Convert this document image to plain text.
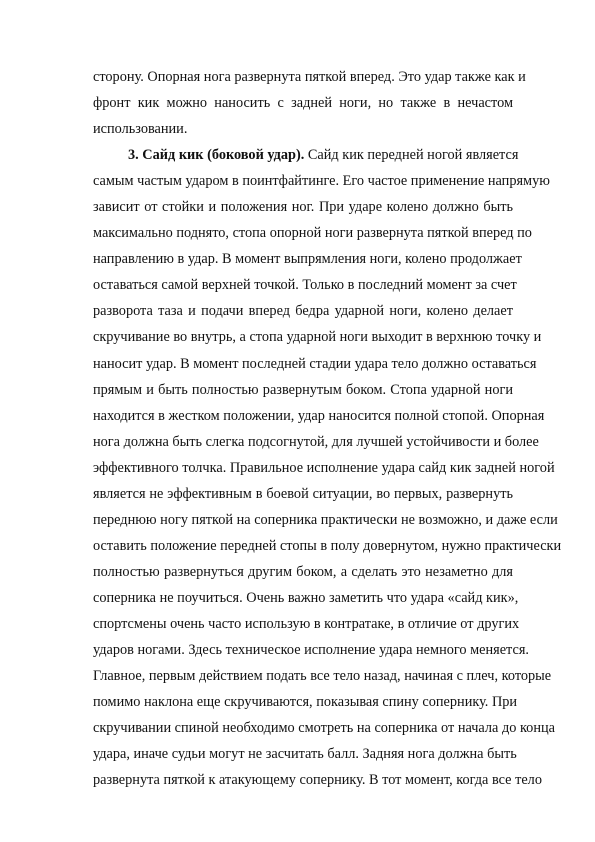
сторону. Опорная нога развернута пяткой вперед. Это удар также как и
фронт кик можно наносить с задней ноги, но также в нечастом
использовании.
3. Сайд кик (боковой удар). Сайд кик передней ногой является
самым частым ударом в поинтфайтинге. Его частое применение напрямую
зависит от стойки и положения ног. При ударе колено должно быть
максимально поднято, стопа опорной ноги развернута пяткой вперед по
направлению в удар. В момент выпрямления ноги, колено продолжает
оставаться самой верхней точкой. Только в последний момент за счет
разворота таза и подачи вперед бедра ударной ноги, колено делает
скручивание во внутрь, а стопа ударной ноги выходит в верхнюю точку и
наносит удар. В момент последней стадии удара тело должно оставаться
прямым и быть полностью развернутым боком. Стопа ударной ноги
находится в жестком положении, удар наносится полной стопой. Опорная
нога должна быть слегка подсогнутой, для лучшей устойчивости и более
эффективного толчка. Правильное исполнение удара сайд кик задней ногой
является не эффективным в боевой ситуации, во первых, развернуть
переднюю ногу пяткой на соперника практически не возможно, и даже если
оставить положение передней стопы в полу довернутом, нужно практически
полностью развернуться другим боком, а сделать это незаметно для
соперника не поучиться. Очень важно заметить что удара «сайд кик»,
спортсмены очень часто использую в контратаке, в отличие от других
ударов ногами. Здесь техническое исполнение удара немного меняется.
Главное, первым действием подать все тело назад, начиная с плеч, которые
помимо наклона еще скручиваются, показывая спину сопернику. При
скручивании спиной необходимо смотреть на соперника от начала до конца
удара, иначе судьи могут не засчитать балл. Задняя нога должна быть
развернута пяткой к атакующему сопернику. В тот момент, когда все тело
